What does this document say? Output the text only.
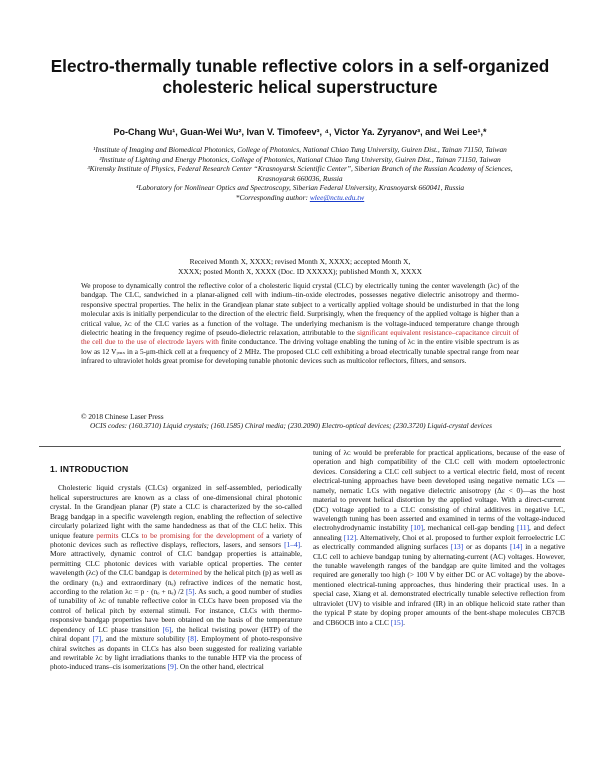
Electro-thermally tunable reflective colors in a self-organized cholesteric helical superstructure
Po-Chang Wu¹, Guan-Wei Wu², Ivan V. Timofeev³, ⁴, Victor Ya. Zyryanov³, and Wei Lee¹,*
¹Institute of Imaging and Biomedical Photonics, College of Photonics, National Chiao Tung University, Guiren Dist., Tainan 71150, Taiwan
²Institute of Lighting and Energy Photonics, College of Photonics, National Chiao Tung University, Guiren Dist., Tainan 71150, Taiwan
³Kirensky Institute of Physics, Federal Research Center “Krasnoyarsk Scientific Center”, Siberian Branch of the Russian Academy of Sciences, Krasnoyarsk 660036, Russia
⁴Laboratory for Nonlinear Optics and Spectroscopy, Siberian Federal University, Krasnoyarsk 660041, Russia
*Corresponding author: wlee@nctu.edu.tw
Received Month X, XXXX; revised Month X, XXXX; accepted Month X,
XXXX; posted Month X, XXXX (Doc. ID XXXXX); published Month X, XXXX
We propose to dynamically control the reflective color of a cholesteric liquid crystal (CLC) by electrically tuning the center wavelength (λᴄ) of the bandgap. The CLC, sandwiched in a planar-aligned cell with indium–tin-oxide electrodes, possesses negative dielectric anisotropy and thermo-responsive spectral properties. The helix in the Grandjean planar state subject to a vertically applied voltage should be undisturbed in that the long molecular axis is initially perpendicular to the direction of the electric field. Surprisingly, when the frequency of the applied voltage is higher than a critical value, λᴄ of the CLC varies as a function of the voltage. The underlying mechanism is the voltage-induced temperature change through dielectric heating in the frequency regime of pseudo-dielectric relaxation, attributable to the significant equivalent resistance–capacitance circuit of the cell due to the use of electrode layers with finite conductance. The driving voltage enabling the tuning of λᴄ in the entire visible spectrum is as low as 12 Vᵣₘₛ in a 5-μm-thick cell at a frequency of 2 MHz. The proposed CLC cell exhibiting a broad electrically tunable spectral range from near infrared to ultraviolet holds great promise for developing tunable photonic devices such as multicolor reflectors, filters, and sensors.
© 2018 Chinese Laser Press
OCIS codes: (160.3710) Liquid crystals; (160.1585) Chiral media; (230.2090) Electro-optical devices; (230.3720) Liquid-crystal devices
1. INTRODUCTION
Cholesteric liquid crystals (CLCs) organized in self-assembled, periodically helical superstructures are known as a class of one-dimensional chiral photonic crystal. In the Grandjean planar (P) state a CLC is characterized by the so-called Bragg bandgap in a specific wavelength region, enabling the reflection of selective circularly polarized light with the same handedness as that of the CLC helix. This unique feature permits CLCs to be promising for the development of a variety of photonic devices such as reflective displays, reflectors, lasers, and sensors [1–4]. More attractively, dynamic control of CLC bandgap properties is attainable, permitting CLC photonic devices with variable optical properties. The center wavelength (λᴄ) of the CLC bandgap is determined by the helical pitch (p) as well as the ordinary (nₒ) and extraordinary (nₑ) refractive indices of the nematic host, according to the relation λᴄ = p · (nₒ + nₑ) /2 [5]. As such, a good number of studies of tunability of λᴄ of tunable reflective color in CLCs have been proposed via the control of helical pitch by external stimuli. For instance, CLCs with thermo-responsive bandgap properties have been obtained on the basis of the temperature dependency of LC phase transition [6], the helical twisting power (HTP) of the chiral dopant [7], and the mixture solubility [8]. Employment of photo-responsive chiral switches as dopants in CLCs has also been suggested for realizing variable and rewritable λᴄ by light irradiations thanks to the tunable HTP via the process of photo-induced trans–cis isomerizations [9]. On the other hand, electrical
tuning of λᴄ would be preferable for practical applications, because of the ease of operation and high compatibility of the CLC cell with modern optoelectronic devices. Considering a CLC cell subject to a vertical electric field, most of recent electrical-tuning approaches have been developed using negative nematic LCs — namely, nematic LCs with negative dielectric anisotropy (Δε < 0)—as the host material to prevent helical distortion by the applied voltage. With a direct-current (DC) voltage applied to a CLC consisting of chiral additives in negative LC, wavelength tuning has been asserted and examined in terms of the voltage-induced electrohydrodynamic instability [10], mechanical cell-gap bending [11], and defect annealing [12]. Alternatively, Choi et al. proposed to further exploit ferroelectric LC as electrically commanded aligning surfaces [13] or as dopants [14] in a negative CLC cell to achieve bandgap tuning by alternating-current (AC) voltages. However, the tunable wavelength ranges of the bandgap are quite limited and the voltages required are generally too high (> 100 V by either DC or AC voltage) by the above-mentioned electrical-tuning approaches, thus hindering their practical uses. In a special case, Xiang et al. demonstrated electrically tunable selective reflection from ultraviolet (UV) to visible and infrared (IR) in an oblique helicoid state rather than the typical P state by doping proper amounts of the bent-shape molecules CB7CB and CB6OCB into a CLC [15].
